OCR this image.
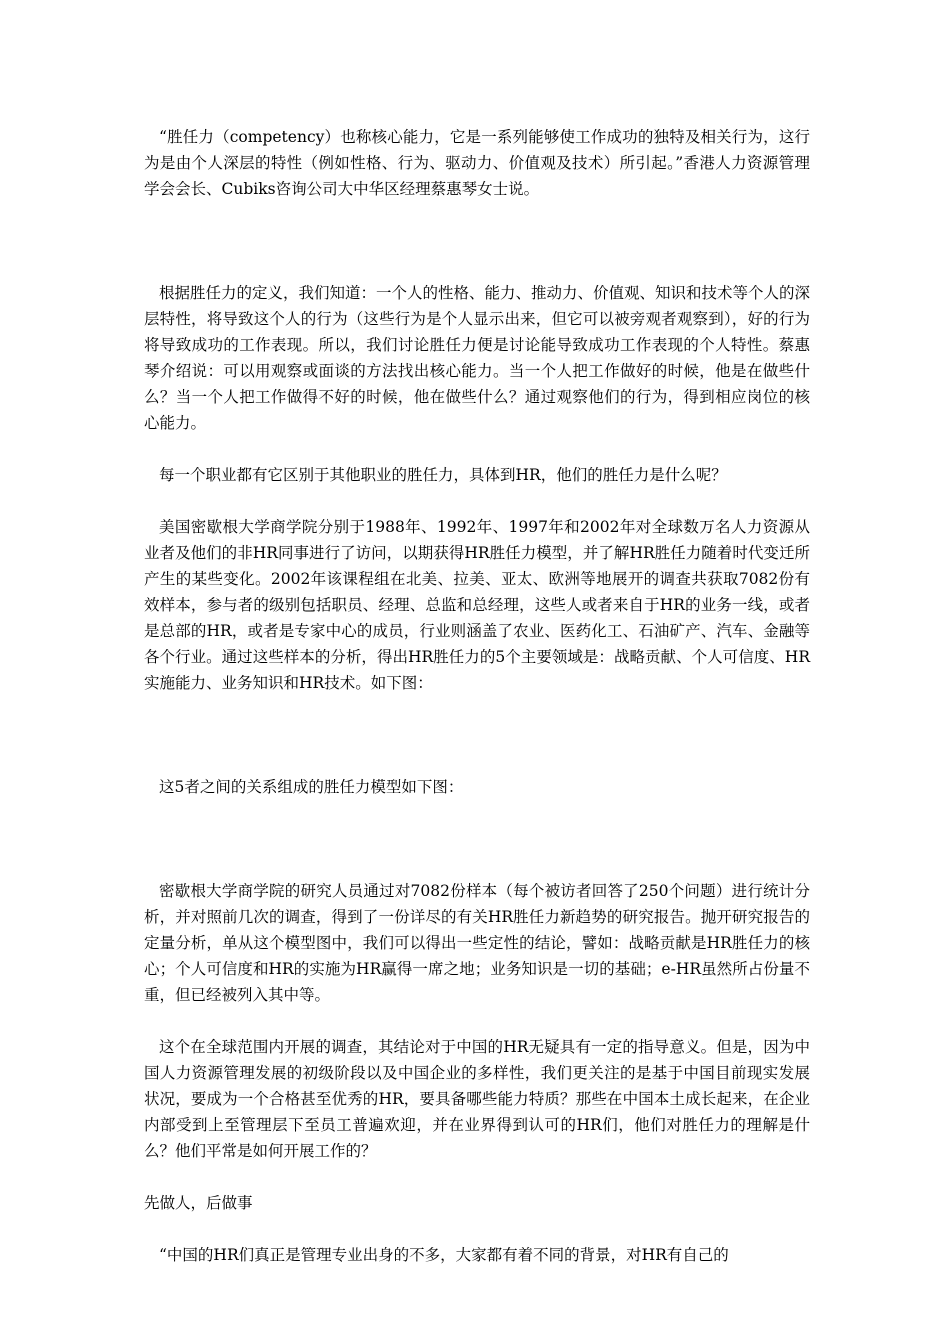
“胜任力（competency）也称核心能力，它是一系列能够使工作成功的独特及相关行为，这行为是由个人深层的特性（例如性格、行为、驱动力、价值观及技术）所引起。”香港人力资源管理学会会长、Cubiks咨询公司大中华区经理蔡惠琴女士说。

根据胜任力的定义，我们知道：一个人的性格、能力、推动力、价值观、知识和技术等个人的深层特性，将导致这个人的行为（这些行为是个人显示出来，但它可以被旁观者观察到），好的行为将导致成功的工作表现。所以，我们讨论胜任力便是讨论能导致成功工作表现的个人特性。蔡惠琴介绍说：可以用观察或面谈的方法找出核心能力。当一个人把工作做好的时候，他是在做些什么？当一个人把工作做得不好的时候，他在做些什么？通过观察他们的行为，得到相应岗位的核心能力。

每一个职业都有它区别于其他职业的胜任力，具体到HR，他们的胜任力是什么呢？

美国密歇根大学商学院分别于1988年、1992年、1997年和2002年对全球数万名人力资源从业者及他们的非HR同事进行了访问，以期获得HR胜任力模型，并了解HR胜任力随着时代变迁所产生的某些变化。2002年该课程组在北美、拉美、亚太、欧洲等地展开的调查共获取7082份有效样本，参与者的级别包括职员、经理、总监和总经理，这些人或者来自于HR的业务一线，或者是总部的HR，或者是专家中心的成员，行业则涵盖了农业、医药化工、石油矿产、汽车、金融等各个行业。通过这些样本的分析，得出HR胜任力的5个主要领域是：战略贡献、个人可信度、HR实施能力、业务知识和HR技术。如下图：

这5者之间的关系组成的胜任力模型如下图：

密歇根大学商学院的研究人员通过对7082份样本（每个被访者回答了250个问题）进行统计分析，并对照前几次的调查，得到了一份详尽的有关HR胜任力新趋势的研究报告。抛开研究报告的定量分析，单从这个模型图中，我们可以得出一些定性的结论，譬如：战略贡献是HR胜任力的核心；个人可信度和HR的实施为HR赢得一席之地；业务知识是一切的基础；e-HR虽然所占份量不重，但已经被列入其中等。

这个在全球范围内开展的调查，其结论对于中国的HR无疑具有一定的指导意义。但是，因为中国人力资源管理发展的初级阶段以及中国企业的多样性，我们更关注的是基于中国目前现实发展状况，要成为一个合格甚至优秀的HR，要具备哪些能力特质？那些在中国本土成长起来，在企业内部受到上至管理层下至员工普遍欢迎，并在业界得到认可的HR们，他们对胜任力的理解是什么？他们平常是如何开展工作的？

先做人，后做事

“中国的HR们真正是管理专业出身的不多，大家都有着不同的背景，对HR有自己的
